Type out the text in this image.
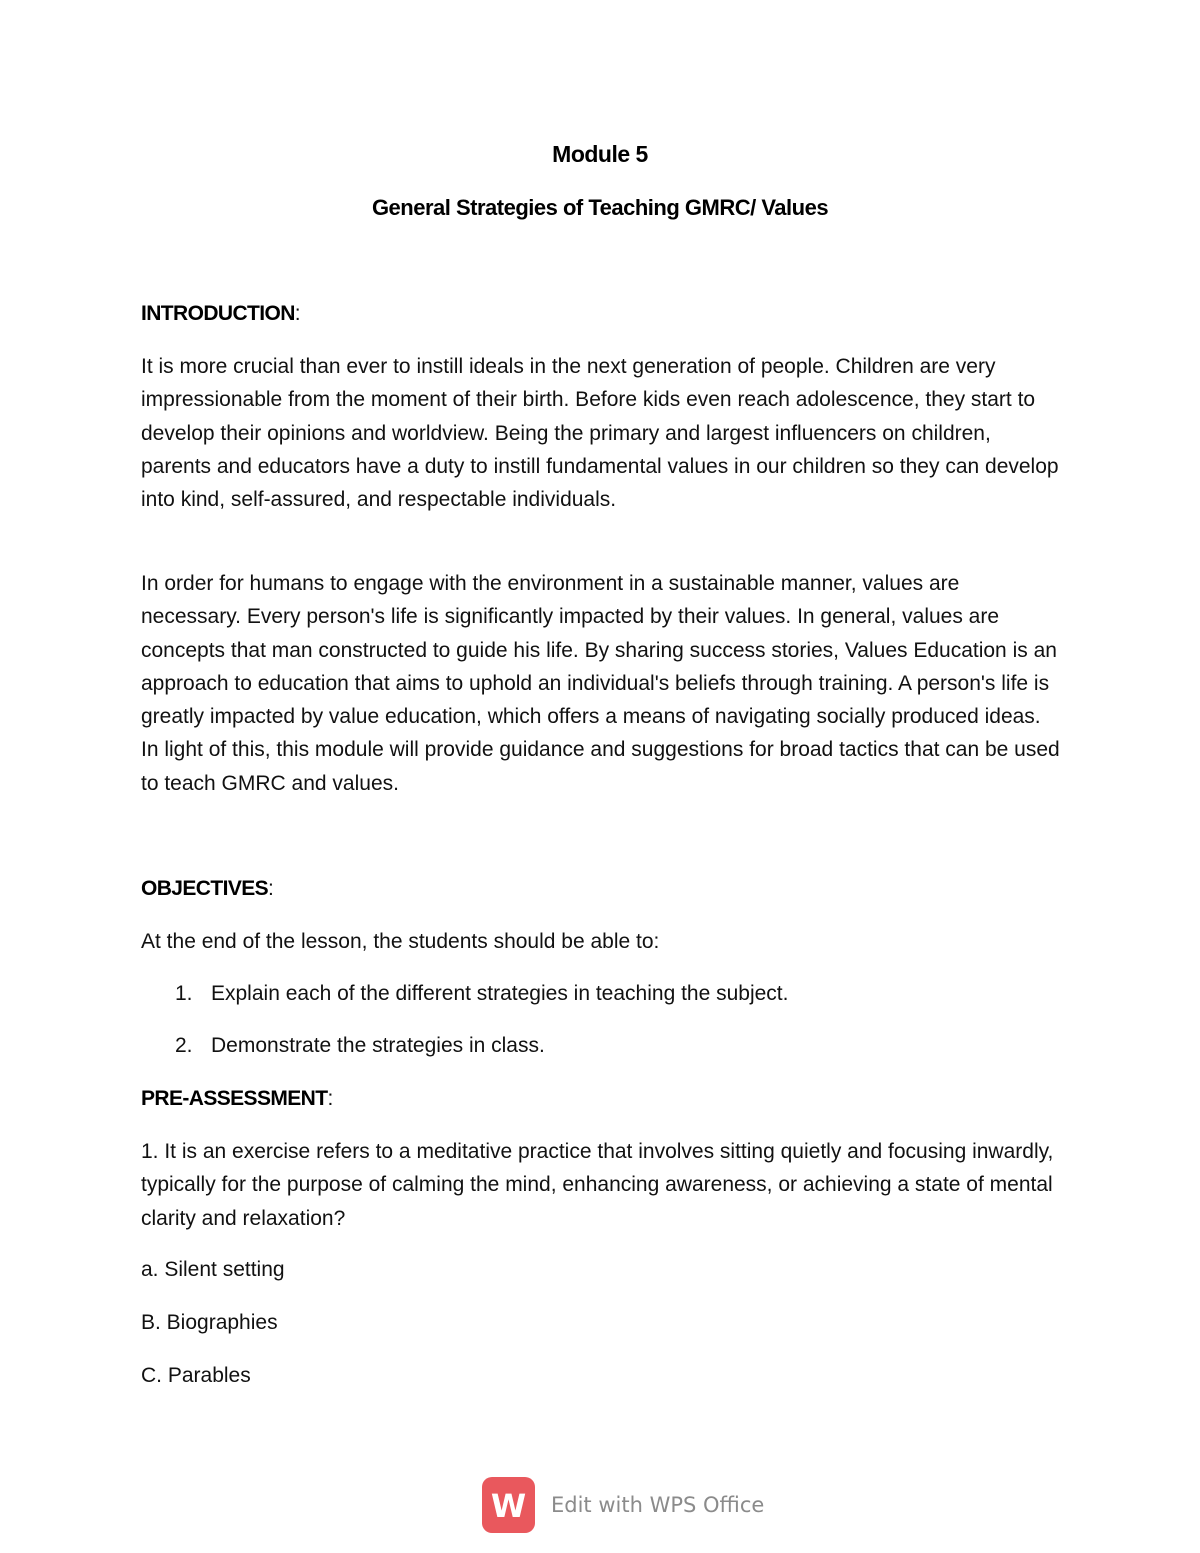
Module 5
General Strategies of Teaching GMRC/ Values
INTRODUCTION:

It is more crucial than ever to instill ideals in the next generation of people. Children are very impressionable from the moment of their birth. Before kids even reach adolescence, they start to develop their opinions and worldview. Being the primary and largest influencers on children, parents and educators have a duty to instill fundamental values in our children so they can develop into kind, self-assured, and respectable individuals.

In order for humans to engage with the environment in a sustainable manner, values are necessary. Every person's life is significantly impacted by their values. In general, values are concepts that man constructed to guide his life. By sharing success stories, Values Education is an approach to education that aims to uphold an individual's beliefs through training. A person's life is greatly impacted by value education, which offers a means of navigating socially produced ideas. In light of this, this module will provide guidance and suggestions for broad tactics that can be used to teach GMRC and values.

OBJECTIVES:

At the end of the lesson, the students should be able to:

1. Explain each of the different strategies in teaching the subject.
2. Demonstrate the strategies in class.
PRE-ASSESSMENT:

1. It is an exercise refers to a meditative practice that involves sitting quietly and focusing inwardly, typically for the purpose of calming the mind, enhancing awareness, or achieving a state of mental clarity and relaxation?

a. Silent setting

B. Biographies

C. Parables

W Edit with WPS Office
